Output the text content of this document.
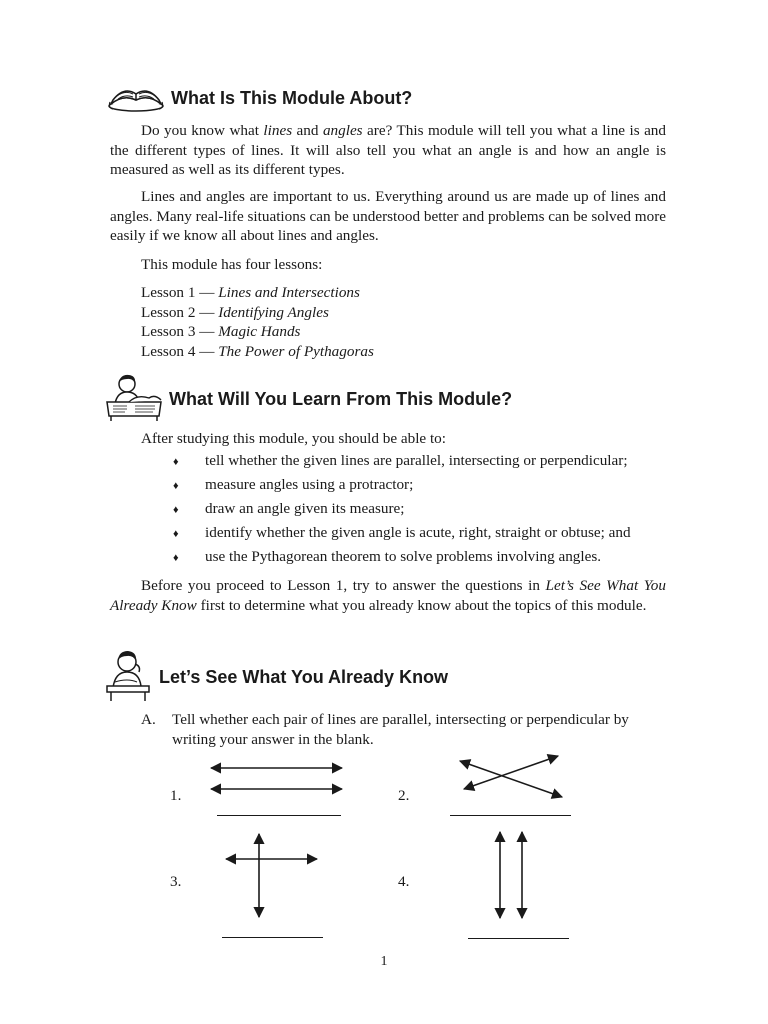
What Is This Module About?

Do you know what lines and angles are? This module will tell you what a line is and the different types of lines. It will also tell you what an angle is and how an angle is measured as well as its different types.

Lines and angles are important to us. Everything around us are made up of lines and angles. Many real-life situations can be understood better and problems can be solved more easily if we know all about lines and angles.

This module has four lessons:

Lesson 1 — Lines and Intersections
Lesson 2 — Identifying Angles
Lesson 3 — Magic Hands
Lesson 4 — The Power of Pythagoras
What Will You Learn From This Module?

After studying this module, you should be able to:

♦	tell whether the given lines are parallel, intersecting or perpendicular;
♦	measure angles using a protractor;
♦	draw an angle given its measure;
♦	identify whether the given angle is acute, right, straight or obtuse; and
♦	use the Pythagorean theorem to solve problems involving angles.

Before you proceed to Lesson 1, try to answer the questions in Let’s See What You Already Know first to determine what you already know about the topics of this module.

Let’s See What You Already Know
A.	Tell whether each pair of lines are parallel, intersecting or perpendicular by writing your answer in the blank.
1.	2.
3.	4.
1
